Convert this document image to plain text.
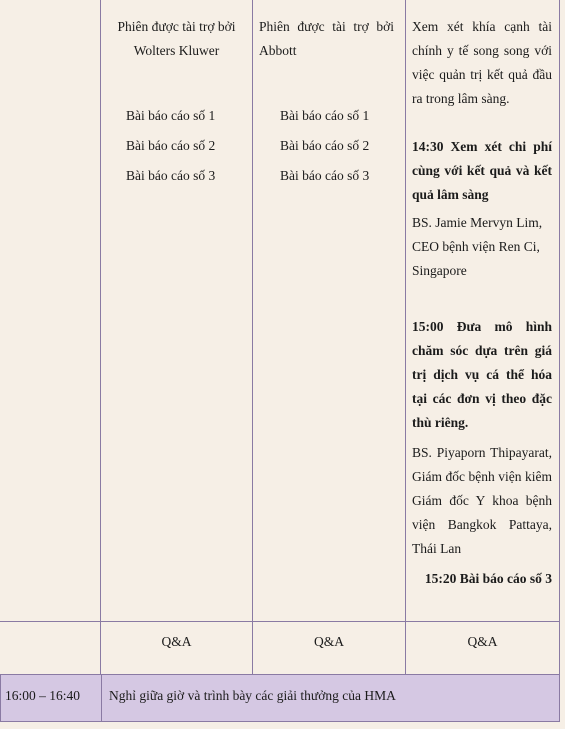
Phiên được tài trợ bởi Wolters Kluwer

Bài báo cáo số 1

Bài báo cáo số 2

Bài báo cáo số 3

Phiên được tài trợ bởi Abbott

Bài báo cáo số 1

Bài báo cáo số 2

Bài báo cáo số 3

Xem xét khía cạnh tài chính y tế song song với việc quản trị kết quả đầu ra trong lâm sàng.

14:30 Xem xét chi phí cùng với kết quả và kết quả lâm sàng

BS. Jamie Mervyn Lim, CEO bệnh viện Ren Ci, Singapore

15:00 Đưa mô hình chăm sóc dựa trên giá trị dịch vụ cá thể hóa tại các đơn vị theo đặc thù riêng.

BS. Piyaporn Thipayarat, Giám đốc bệnh viện kiêm Giám đốc Y khoa bệnh viện Bangkok Pattaya, Thái Lan

15:20 Bài báo cáo số 3

Q&A	Q&A	Q&A
16:00 – 16:40 Nghỉ giữa giờ và trình bày các giải thưởng của HMA
